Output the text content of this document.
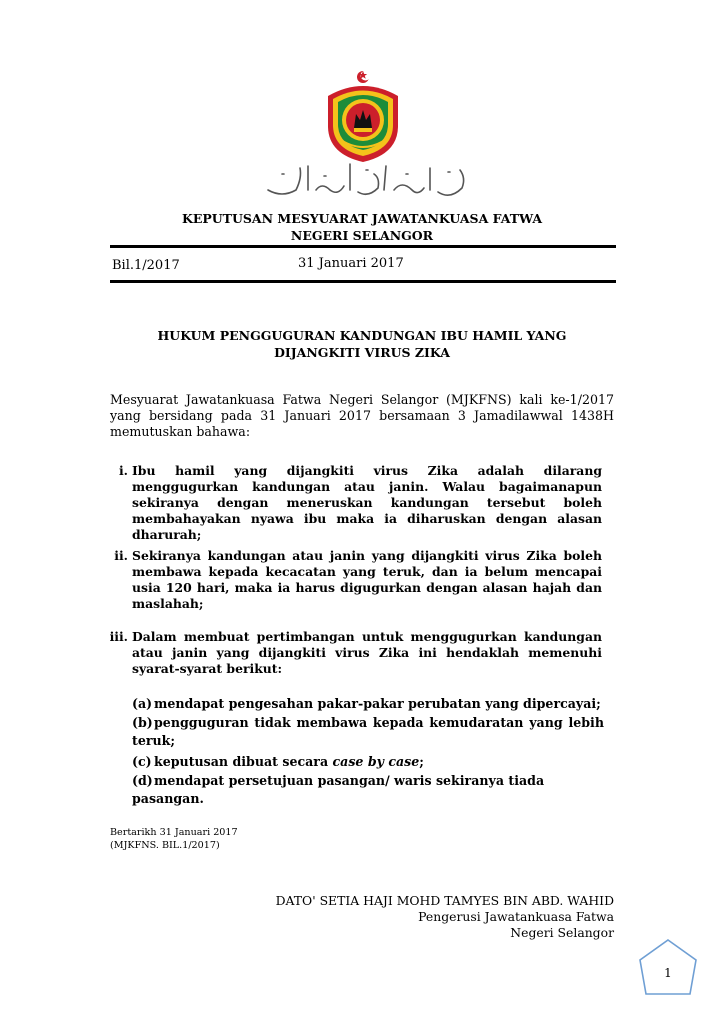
KEPUTUSAN MESYUARAT JAWATANKUASA FATWA
NEGERI SELANGOR
Bil.1/2017	31 Januari 2017
HUKUM PENGGUGURAN KANDUNGAN IBU HAMIL YANG
DIJANGKITI VIRUS ZIKA
Mesyuarat Jawatankuasa Fatwa Negeri Selangor (MJKFNS) kali ke-1/2017 yang bersidang pada 31 Januari 2017 bersamaan 3 Jamadilawwal 1438H memutuskan bahawa:
i. Ibu hamil yang dijangkiti virus Zika adalah dilarang menggugurkan kandungan atau janin. Walau bagaimanapun sekiranya dengan meneruskan kandungan tersebut boleh membahayakan nyawa ibu maka ia diharuskan dengan alasan dharurah;
ii. Sekiranya kandungan atau janin yang dijangkiti virus Zika boleh membawa kepada kecacatan yang teruk, dan ia belum mencapai usia 120 hari, maka ia harus digugurkan dengan alasan hajah dan maslahah;
iii. Dalam membuat pertimbangan untuk menggugurkan kandungan atau janin yang dijangkiti virus Zika ini hendaklah memenuhi syarat-syarat berikut:
(a) mendapat pengesahan pakar-pakar perubatan yang dipercayai;
(b)pengguguran tidak membawa kepada kemudaratan yang lebih teruk;
(c) keputusan dibuat secara case by case;
(d)mendapat persetujuan pasangan/ waris sekiranya tiada pasangan.
Bertarikh 31 Januari 2017
(MJKFNS. BIL.1/2017)
DATO' SETIA HAJI MOHD TAMYES BIN ABD. WAHID
Pengerusi Jawatankuasa Fatwa
Negeri Selangor
1
